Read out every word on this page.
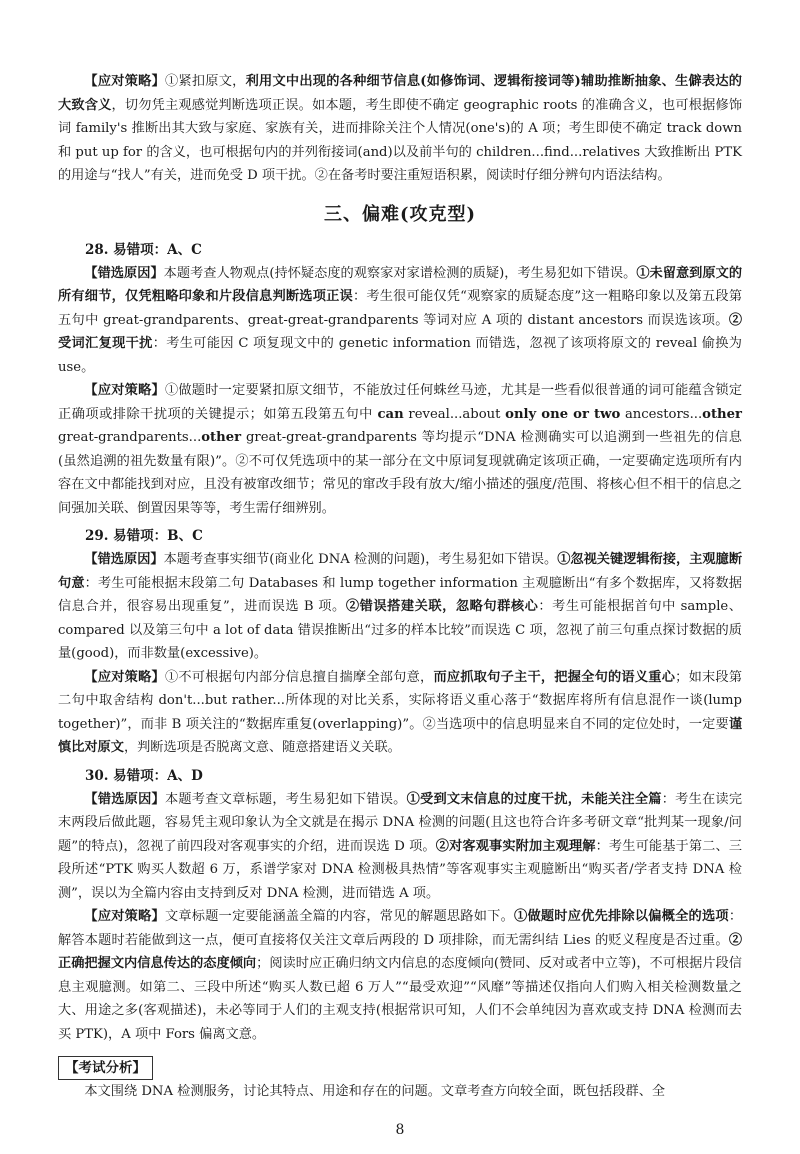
【应对策略】①紧扣原文，利用文中出现的各种细节信息(如修饰词、逻辑衔接词等)辅助推断抽象、生僻表达的大致含义，切勿凭主观感觉判断选项正误。如本题，考生即使不确定 geographic roots 的准确含义，也可根据修饰词 family's 推断出其大致与家庭、家族有关，进而排除关注个人情况(one's)的 A 项；考生即使不确定 track down 和 put up for 的含义，也可根据句内的并列衔接词(and)以及前半句的 children...find...relatives 大致推断出 PTK 的用途与“找人”有关，进而免受 D 项干扰。②在备考时要注重短语积累，阅读时仔细分辨句内语法结构。

三、偏难(攻克型)
28. 易错项：A、C

【错选原因】本题考查人物观点(持怀疑态度的观察家对家谱检测的质疑)，考生易犯如下错误。①未留意到原文的所有细节，仅凭粗略印象和片段信息判断选项正误：考生很可能仅凭“观察家的质疑态度”这一粗略印象以及第五段第五句中 great-grandparents、great-great-grandparents 等词对应 A 项的 distant ancestors 而误选该项。②受词汇复现干扰：考生可能因 C 项复现文中的 genetic information 而错选，忽视了该项将原文的 reveal 偷换为 use。

【应对策略】①做题时一定要紧扣原文细节，不能放过任何蛛丝马迹，尤其是一些看似很普通的词可能蕴含锁定正确项或排除干扰项的关键提示；如第五段第五句中 can reveal...about only one or two ancestors...other great-grandparents...other great-great-grandparents 等均提示“DNA 检测确实可以追溯到一些祖先的信息(虽然追溯的祖先数量有限)”。②不可仅凭选项中的某一部分在文中原词复现就确定该项正确，一定要确定选项所有内容在文中都能找到对应，且没有被窜改细节；常见的窜改手段有放大/缩小描述的强度/范围、将核心但不相干的信息之间强加关联、倒置因果等等，考生需仔细辨别。

29. 易错项：B、C

【错选原因】本题考查事实细节(商业化 DNA 检测的问题)，考生易犯如下错误。①忽视关键逻辑衔接，主观臆断句意：考生可能根据末段第二句 Databases 和 lump together information 主观臆断出“有多个数据库，又将数据信息合并，很容易出现重复”，进而误选 B 项。②错误搭建关联，忽略句群核心：考生可能根据首句中 sample、compared 以及第三句中 a lot of data 错误推断出“过多的样本比较”而误选 C 项，忽视了前三句重点探讨数据的质量(good)，而非数量(excessive)。

【应对策略】①不可根据句内部分信息擅自揣摩全部句意，而应抓取句子主干，把握全句的语义重心；如末段第二句中取舍结构 don't...but rather...所体现的对比关系，实际将语义重心落于“数据库将所有信息混作一谈(lump together)”，而非 B 项关注的“数据库重复(overlapping)”。②当选项中的信息明显来自不同的定位处时，一定要谨慎比对原文，判断选项是否脱离文意、随意搭建语义关联。

30. 易错项：A、D

【错选原因】本题考查文章标题，考生易犯如下错误。①受到文末信息的过度干扰，未能关注全篇：考生在读完末两段后做此题，容易凭主观印象认为全文就是在揭示 DNA 检测的问题(且这也符合许多考研文章“批判某一现象/问题”的特点)，忽视了前四段对客观事实的介绍，进而误选 D 项。②对客观事实附加主观理解：考生可能基于第二、三段所述“PTK 购买人数超 6 万，系谱学家对 DNA 检测极具热情”等客观事实主观臆断出“购买者/学者支持 DNA 检测”，误以为全篇内容由支持到反对 DNA 检测，进而错选 A 项。

【应对策略】文章标题一定要能涵盖全篇的内容，常见的解题思路如下。①做题时应优先排除以偏概全的选项：解答本题时若能做到这一点，便可直接将仅关注文章后两段的 D 项排除，而无需纠结 Lies 的贬义程度是否过重。②正确把握文内信息传达的态度倾向；阅读时应正确归纳文内信息的态度倾向(赞同、反对或者中立等)，不可根据片段信息主观臆测。如第二、三段中所述“购买人数已超 6 万人”“最受欢迎”“风靡”等描述仅指向人们购入相关检测数量之大、用途之多(客观描述)，未必等同于人们的主观支持(根据常识可知，人们不会单纯因为喜欢或支持 DNA 检测而去买 PTK)，A 项中 Fors 偏离文意。

【考试分析】

本文围绕 DNA 检测服务，讨论其特点、用途和存在的问题。文章考查方向较全面，既包括段群、全

8
